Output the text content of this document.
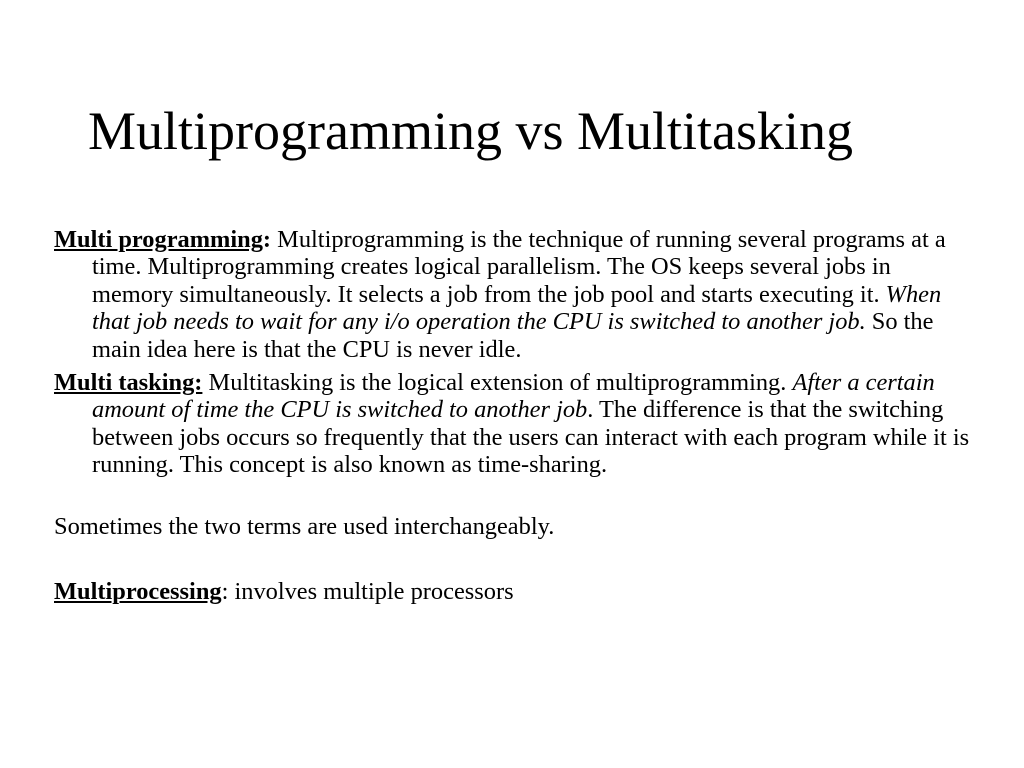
Multiprogramming vs Multitasking

Multi programming: Multiprogramming is the technique of running several programs at a time. Multiprogramming creates logical parallelism. The OS keeps several jobs in memory simultaneously. It selects a job from the job pool and starts executing it. When that job needs to wait for any i/o operation the CPU is switched to another job. So the main idea here is that the CPU is never idle.

Multi tasking: Multitasking is the logical extension of multiprogramming. After a certain amount of time the CPU is switched to another job. The difference is that the switching between jobs occurs so frequently that the users can interact with each program while it is running. This concept is also known as time-sharing.

Sometimes the two terms are used interchangeably.

Multiprocessing: involves multiple processors
